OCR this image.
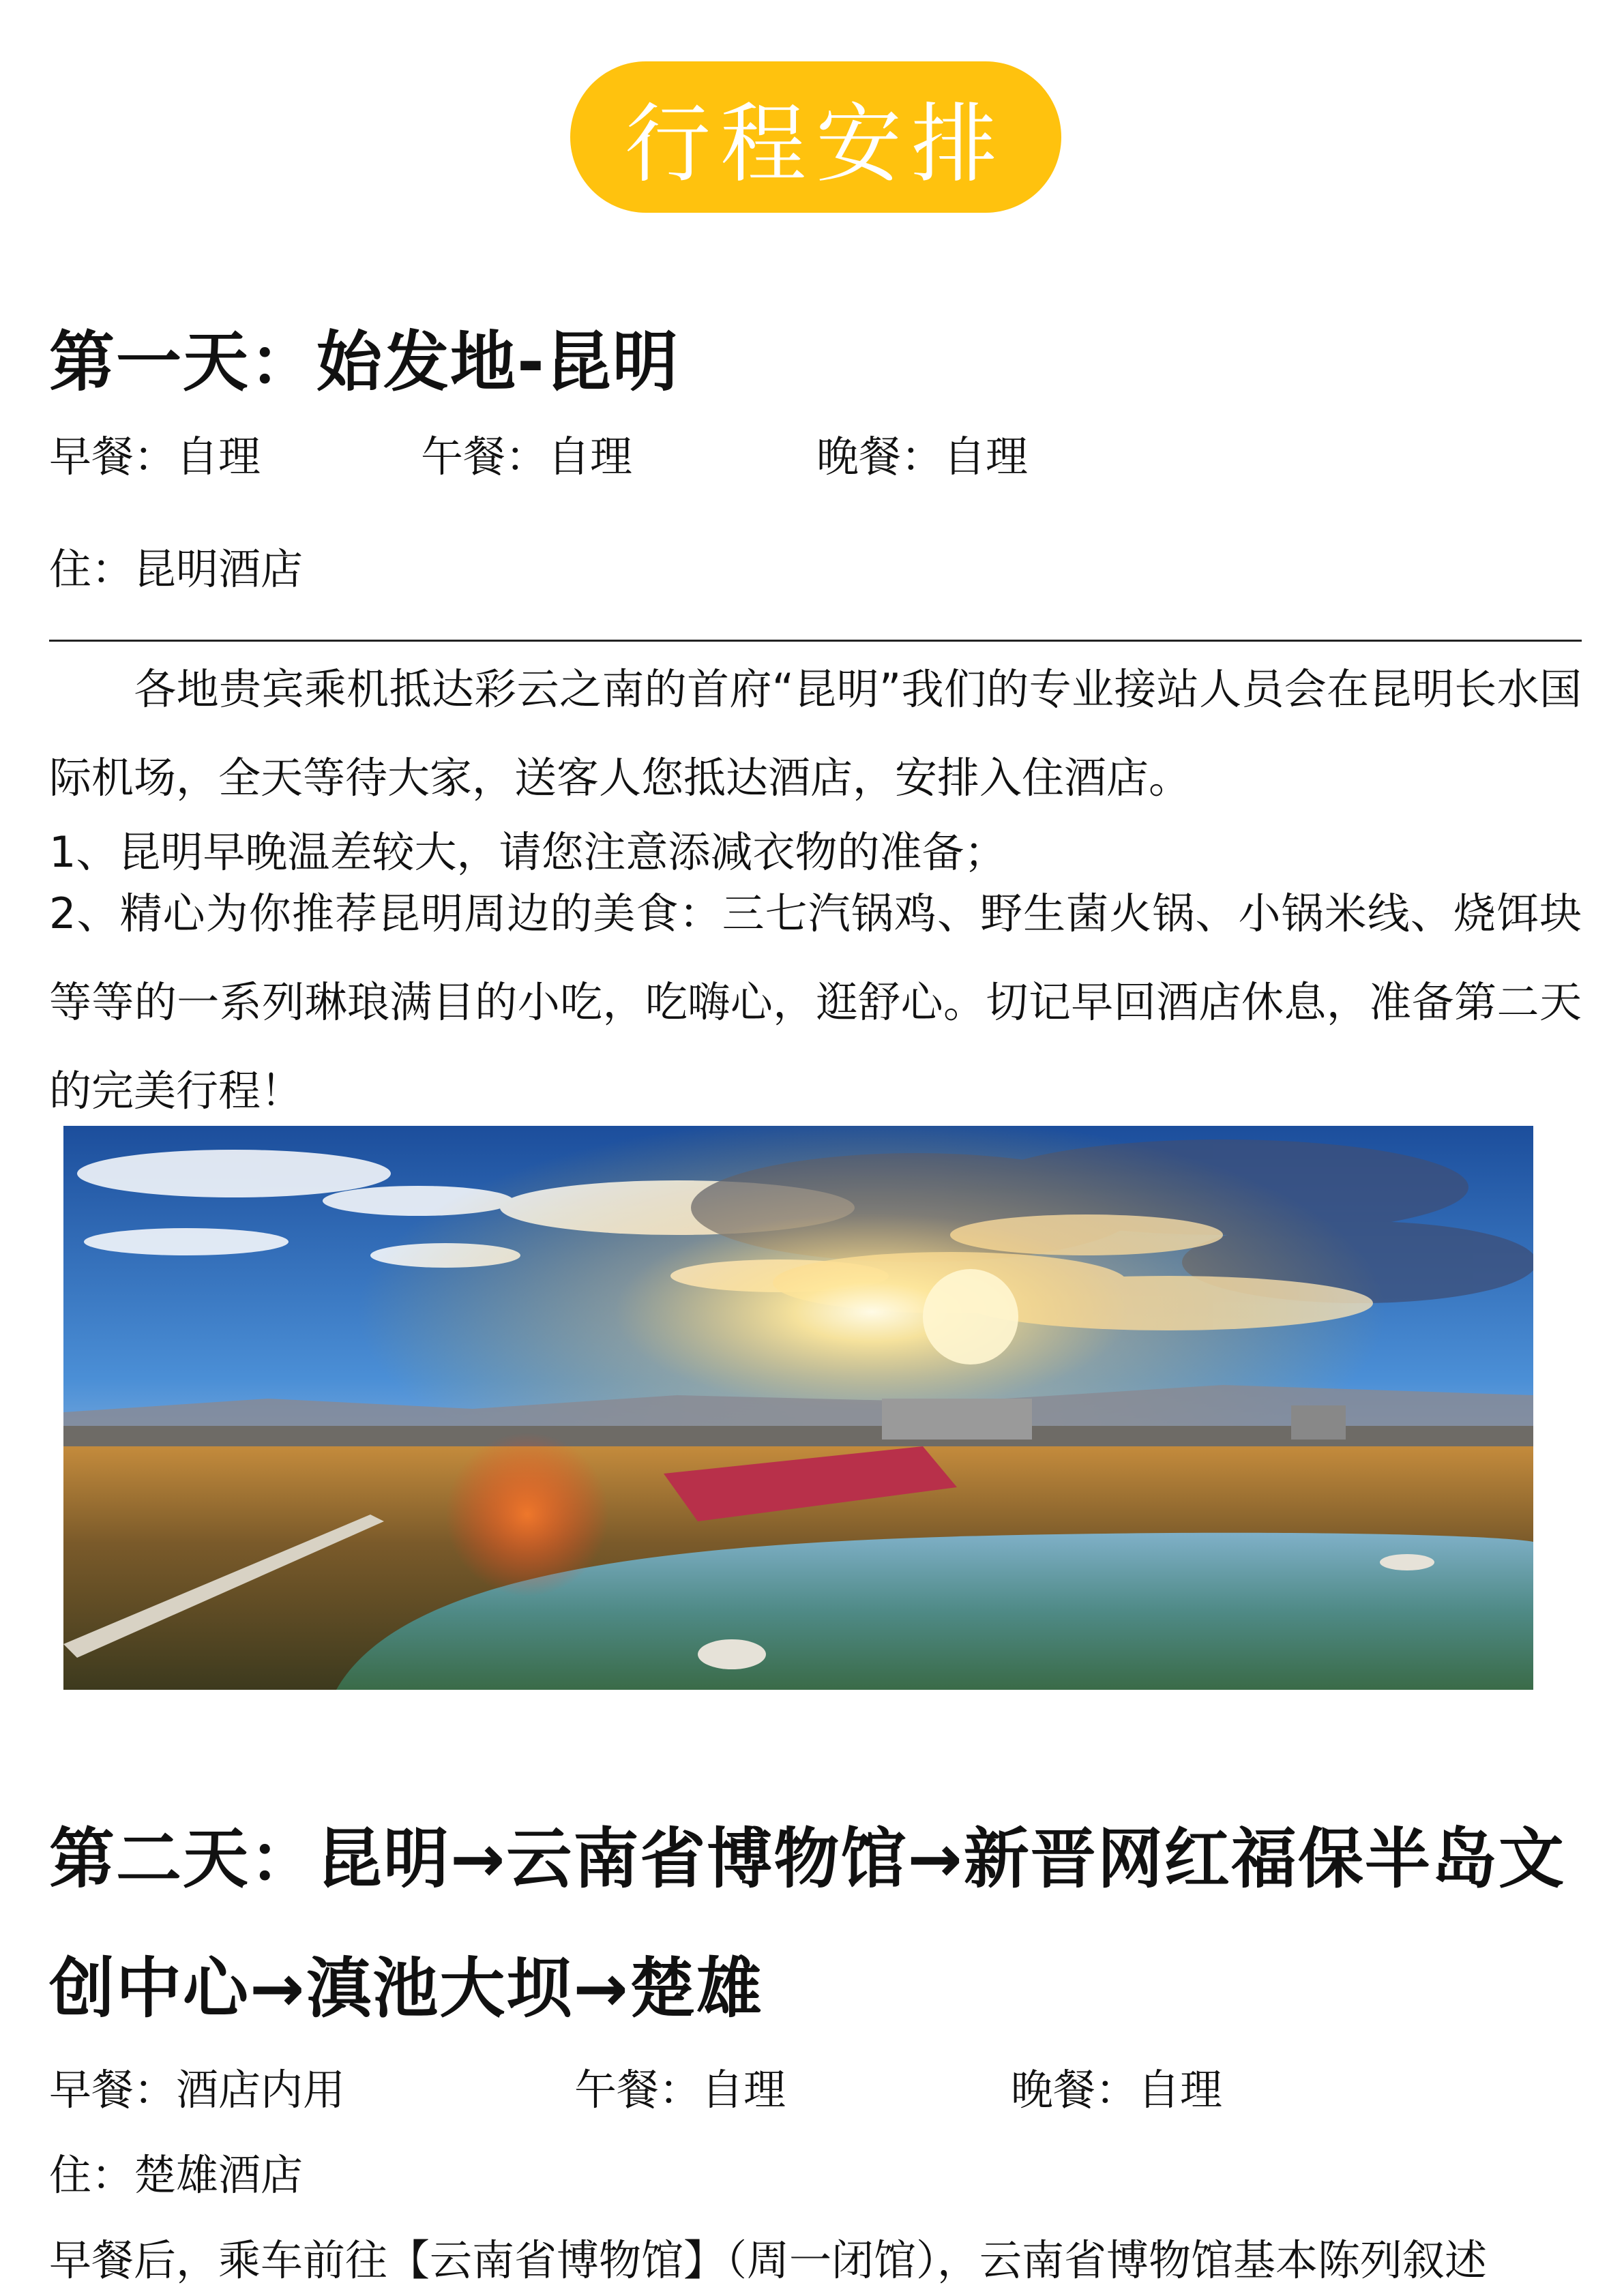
行程安排
第一天：始发地-昆明
早餐：自理	午餐：自理	晚餐：自理
住：昆明酒店
各地贵宾乘机抵达彩云之南的首府“昆明”我们的专业接站人员会在昆明长水国际机场，全天等待大家，送客人您抵达酒店，安排入住酒店。
1、昆明早晚温差较大，请您注意添减衣物的准备；
2、精心为你推荐昆明周边的美食：三七汽锅鸡、野生菌火锅、小锅米线、烧饵块等等的一系列琳琅满目的小吃，吃嗨心，逛舒心。切记早回酒店休息，准备第二天的完美行程！
第二天：昆明→云南省博物馆→新晋网红福保半岛文
创中心→滇池大坝→楚雄
早餐：酒店内用	午餐：自理	晚餐：自理
住：楚雄酒店
早餐后，乘车前往【云南省博物馆】（周一闭馆），云南省博物馆基本陈列叙述
